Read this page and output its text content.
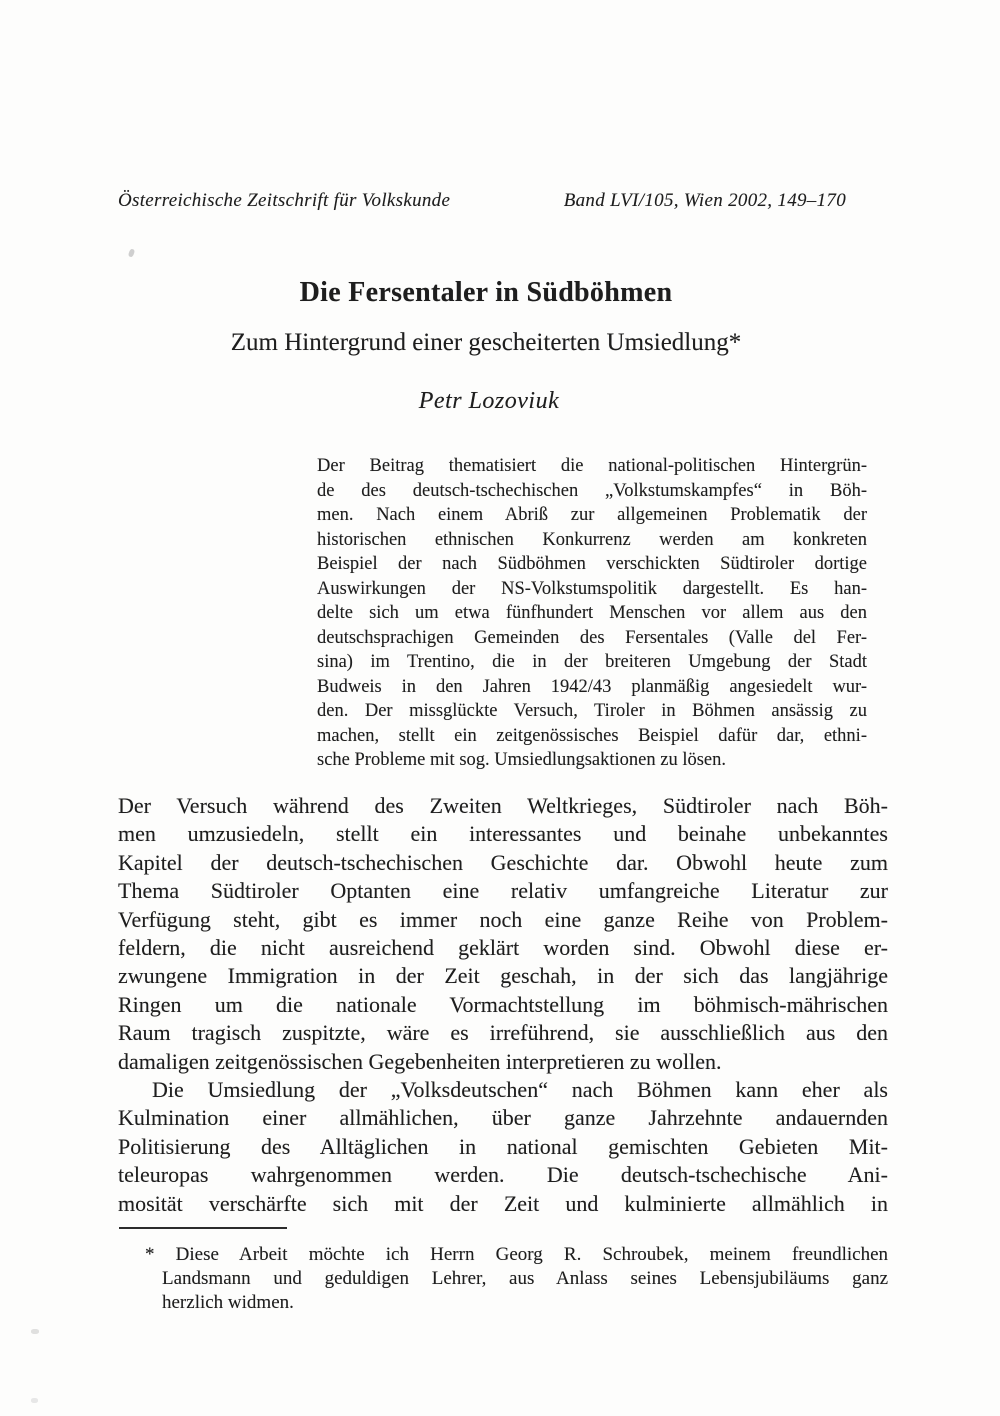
Österreichische Zeitschrift für Volkskunde	Band LVI/105, Wien 2002, 149–170
Die Fersentaler in Südböhmen
Zum Hintergrund einer gescheiterten Umsiedlung*
Petr Lozoviuk
Der Beitrag thematisiert die national-politischen Hintergrün-
de des deutsch-tschechischen „Volkstumskampfes“ in Böh-
men. Nach einem Abriß zur allgemeinen Problematik der
historischen ethnischen Konkurrenz werden am konkreten
Beispiel der nach Südböhmen verschickten Südtiroler dortige
Auswirkungen der NS-Volkstumspolitik dargestellt. Es han-
delte sich um etwa fünfhundert Menschen vor allem aus den
deutschsprachigen Gemeinden des Fersentales (Valle del Fer-
sina) im Trentino, die in der breiteren Umgebung der Stadt
Budweis in den Jahren 1942/43 planmäßig angesiedelt wur-
den. Der missglückte Versuch, Tiroler in Böhmen ansässig zu
machen, stellt ein zeitgenössisches Beispiel dafür dar, ethni-
sche Probleme mit sog. Umsiedlungsaktionen zu lösen.
Der Versuch während des Zweiten Weltkrieges, Südtiroler nach Böh-
men umzusiedeln, stellt ein interessantes und beinahe unbekanntes
Kapitel der deutsch-tschechischen Geschichte dar. Obwohl heute zum
Thema Südtiroler Optanten eine relativ umfangreiche Literatur zur
Verfügung steht, gibt es immer noch eine ganze Reihe von Problem-
feldern, die nicht ausreichend geklärt worden sind. Obwohl diese er-
zwungene Immigration in der Zeit geschah, in der sich das langjährige
Ringen um die nationale Vormachtstellung im böhmisch-mährischen
Raum tragisch zuspitzte, wäre es irreführend, sie ausschließlich aus den
damaligen zeitgenössischen Gegebenheiten interpretieren zu wollen.
Die Umsiedlung der „Volksdeutschen“ nach Böhmen kann eher als
Kulmination einer allmählichen, über ganze Jahrzehnte andauernden
Politisierung des Alltäglichen in national gemischten Gebieten Mit-
teleuropas wahrgenommen werden. Die deutsch-tschechische Ani-
mosität verschärfte sich mit der Zeit und kulminierte allmählich in
* Diese Arbeit möchte ich Herrn Georg R. Schroubek, meinem freundlichen
Landsmann und geduldigen Lehrer, aus Anlass seines Lebensjubiläums ganz
herzlich widmen.
